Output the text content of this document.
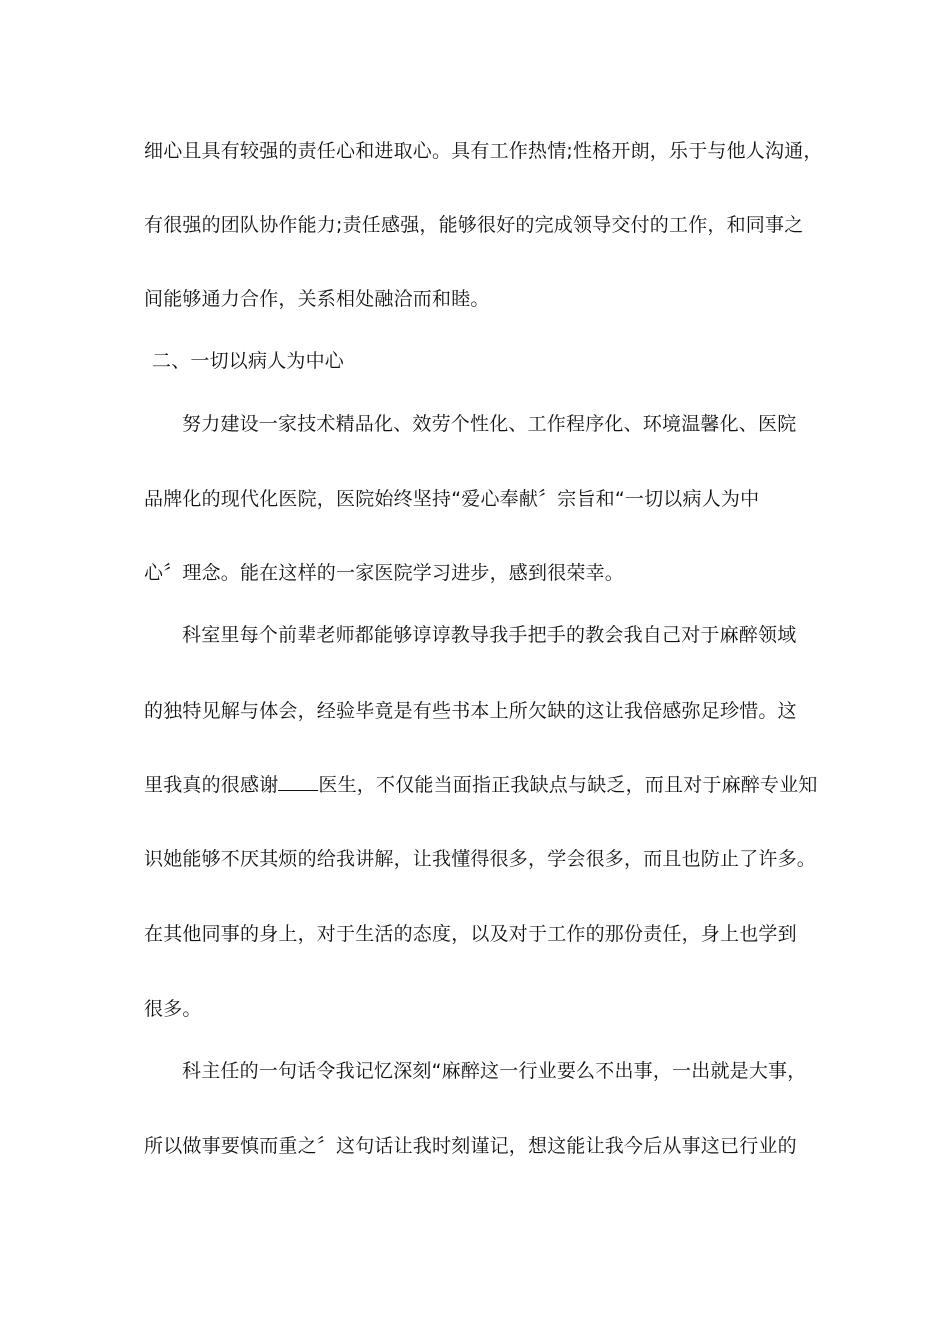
细心且具有较强的责任心和进取心。具有工作热情;性格开朗，乐于与他人沟通，
有很强的团队协作能力;责任感强，能够很好的完成领导交付的工作，和同事之
间能够通力合作，关系相处融洽而和睦。
二、一切以病人为中心
努力建设一家技术精品化、效劳个性化、工作程序化、环境温馨化、医院
品牌化的现代化医院，医院始终坚持“爱心奉献〞宗旨和“一切以病人为中
心〞理念。能在这样的一家医院学习进步，感到很荣幸。
科室里每个前辈老师都能够谆谆教导我手把手的教会我自己对于麻醉领域
的独特见解与体会，经验毕竟是有些书本上所欠缺的这让我倍感弥足珍惜。这
里我真的很感谢 医生，不仅能当面指正我缺点与缺乏，而且对于麻醉专业知
识她能够不厌其烦的给我讲解，让我懂得很多，学会很多，而且也防止了许多。
在其他同事的身上，对于生活的态度，以及对于工作的那份责任，身上也学到
很多。
科主任的一句话令我记忆深刻“麻醉这一行业要么不出事，一出就是大事，
所以做事要慎而重之〞这句话让我时刻谨记，想这能让我今后从事这已行业的
